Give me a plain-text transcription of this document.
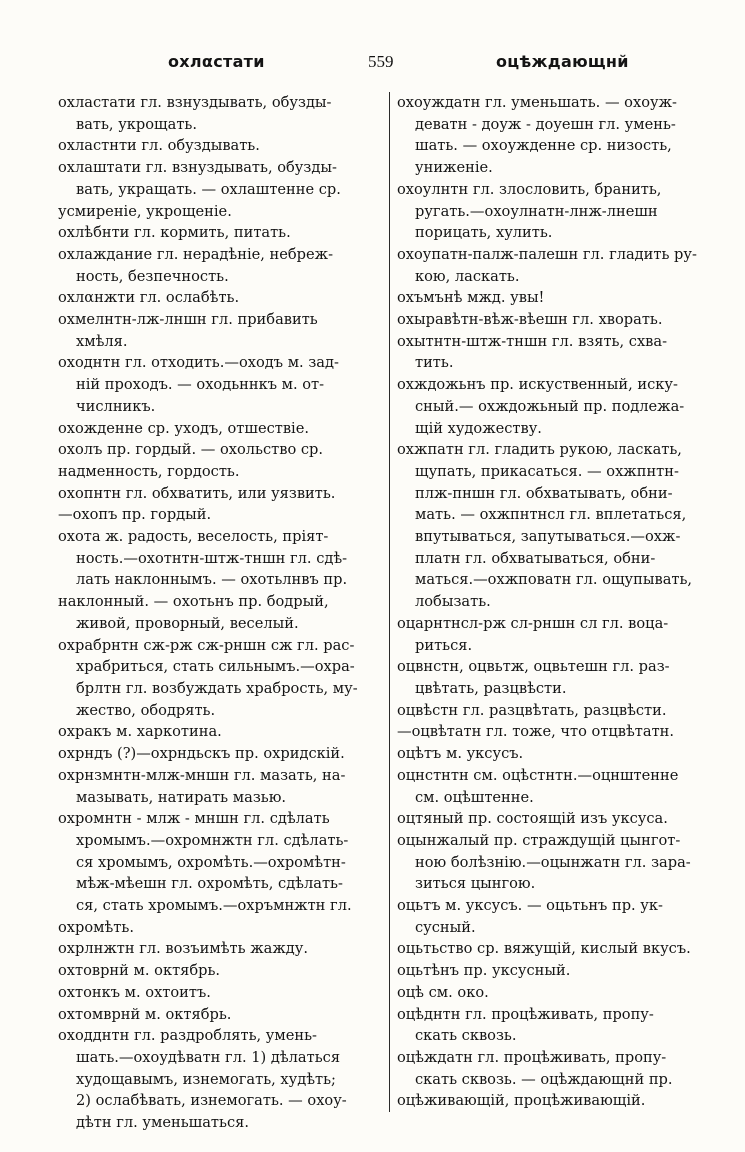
охлαстати	559	оцѣждающнй
охластати гл. взнуздывать, обузды-
вать, укрощать.
охластнти гл. обуздывать.
охлаштати гл. взнуздывать, обузды-
вать, укращать. — охлаштенне ср.
усмиреніе, укрощеніе.
охлѣбнти гл. кормить, питать.
охлаждание гл. нерадѣніе, небреж-
ность, безпечность.
охлαнжти гл. ослабѣть.
охмелнтн-лж-лншн гл. прибавить
хмѣля.
оходнтн гл. отходить.—оходъ м. зад-
ній проходъ. — оходьннкъ м. от-
числникъ.
охожденне ср. уходъ, отшествіе.
охолъ пр. гордый. — охольство ср.
надменность, гордость.
охопнтн гл. обхватить, или уязвить.
—охопъ пр. гордый.
охота ж. радость, веселость, пріят-
ность.—охотнтн-штж-тншн гл. сдѣ-
лать наклоннымъ. — охотьлнвъ пр.
наклонный. — охотьнъ пр. бодрый,
живой, проворный, веселый.
охрабрнтн сж-рж сж-рншн сж гл. рас-
храбриться, стать сильнымъ.—охра-
брлтн гл. возбуждать храбрость, му-
жество, ободрять.
охракъ м. харкотина.
охрндъ (?)—охрндьскъ пр. охридскій.
охрнзмнтн-млж-мншн гл. мазать, на-
мазывать, натирать мазью.
охромнтн - млж - мншн гл. сдѣлать
хромымъ.—охромнжтн гл. сдѣлать-
ся хромымъ, охромѣть.—охромѣтн-
мѣж-мѣешн гл. охромѣть, сдѣлать-
ся, стать хромымъ.—охръмнжтн гл.
охромѣть.
охрлнжтн гл. возъимѣть жажду.
охтоврнй м. октябрь.
охтонкъ м. охтоитъ.
охтомврнй м. октябрь.
оходднтн гл. раздроблять, умень-
шать.—охоудѣватн гл. 1) дѣлаться
худощавымъ, изнемогать, худѣть;
2) ослабѣвать, изнемогать. — охоу-
дѣтн гл. уменьшаться.
охоуждатн гл. уменьшать. — охоуж-
деватн - доуж - доуешн гл. умень-
шать. — охоужденне ср. низость,
униженіе.
охоулнтн гл. злословить, бранить,
ругать.—охоулнатн-лнж-лнешн
порицать, хулить.
охоупатн-палж-палешн гл. гладить ру-
кою, ласкать.
охъмънѣ мжд. увы!
охыравѣтн-вѣж-вѣешн гл. хворать.
охытнтн-штж-тншн гл. взять, схва-
тить.
охждожьнъ пр. искуственный, иску-
сный.— охждожьный пр. подлежа-
щій художеству.
охжпатн гл. гладить рукою, ласкать,
щупать, прикасаться. — охжпнтн-
плж-пншн гл. обхватывать, обни-
мать. — охжпнтнсл гл. вплетаться,
впутываться, запутываться.—охж-
платн гл. обхватываться, обни-
маться.—охжповатн гл. ощупывать,
лобызать.
оцарнтнсл-рж сл-рншн сл гл. воца-
риться.
оцвнстн, оцвьтж, оцвьтешн гл. раз-
цвѣтать, разцвѣсти.
оцвѣстн гл. разцвѣтать, разцвѣсти.
—оцвѣтатн гл. тоже, что отцвѣтатн.
оцѣтъ м. уксусъ.
оцнстнтн см. оцѣстнтн.—оцнштенне
см. оцѣштенне.
оцтяный пр. состоящій изъ укcуса.
оцынжалый пр. страждущій цынгот-
ною болѣзнію.—оцынжатн гл. зара-
зиться цынгою.
оцьтъ м. уксусъ. — оцьтьнъ пр. ук-
сусный.
оцьтьство ср. вяжущій, кислый вкусъ.
оцьтѣнъ пр. уксусный.
оцѣ см. око.
оцѣднтн гл. процѣживать, пропу-
скать сквозь.
оцѣждатн гл. процѣживать, пропу-
скать сквозь. — оцѣждающнй пр.
оцѣживающій, процѣживающій.
